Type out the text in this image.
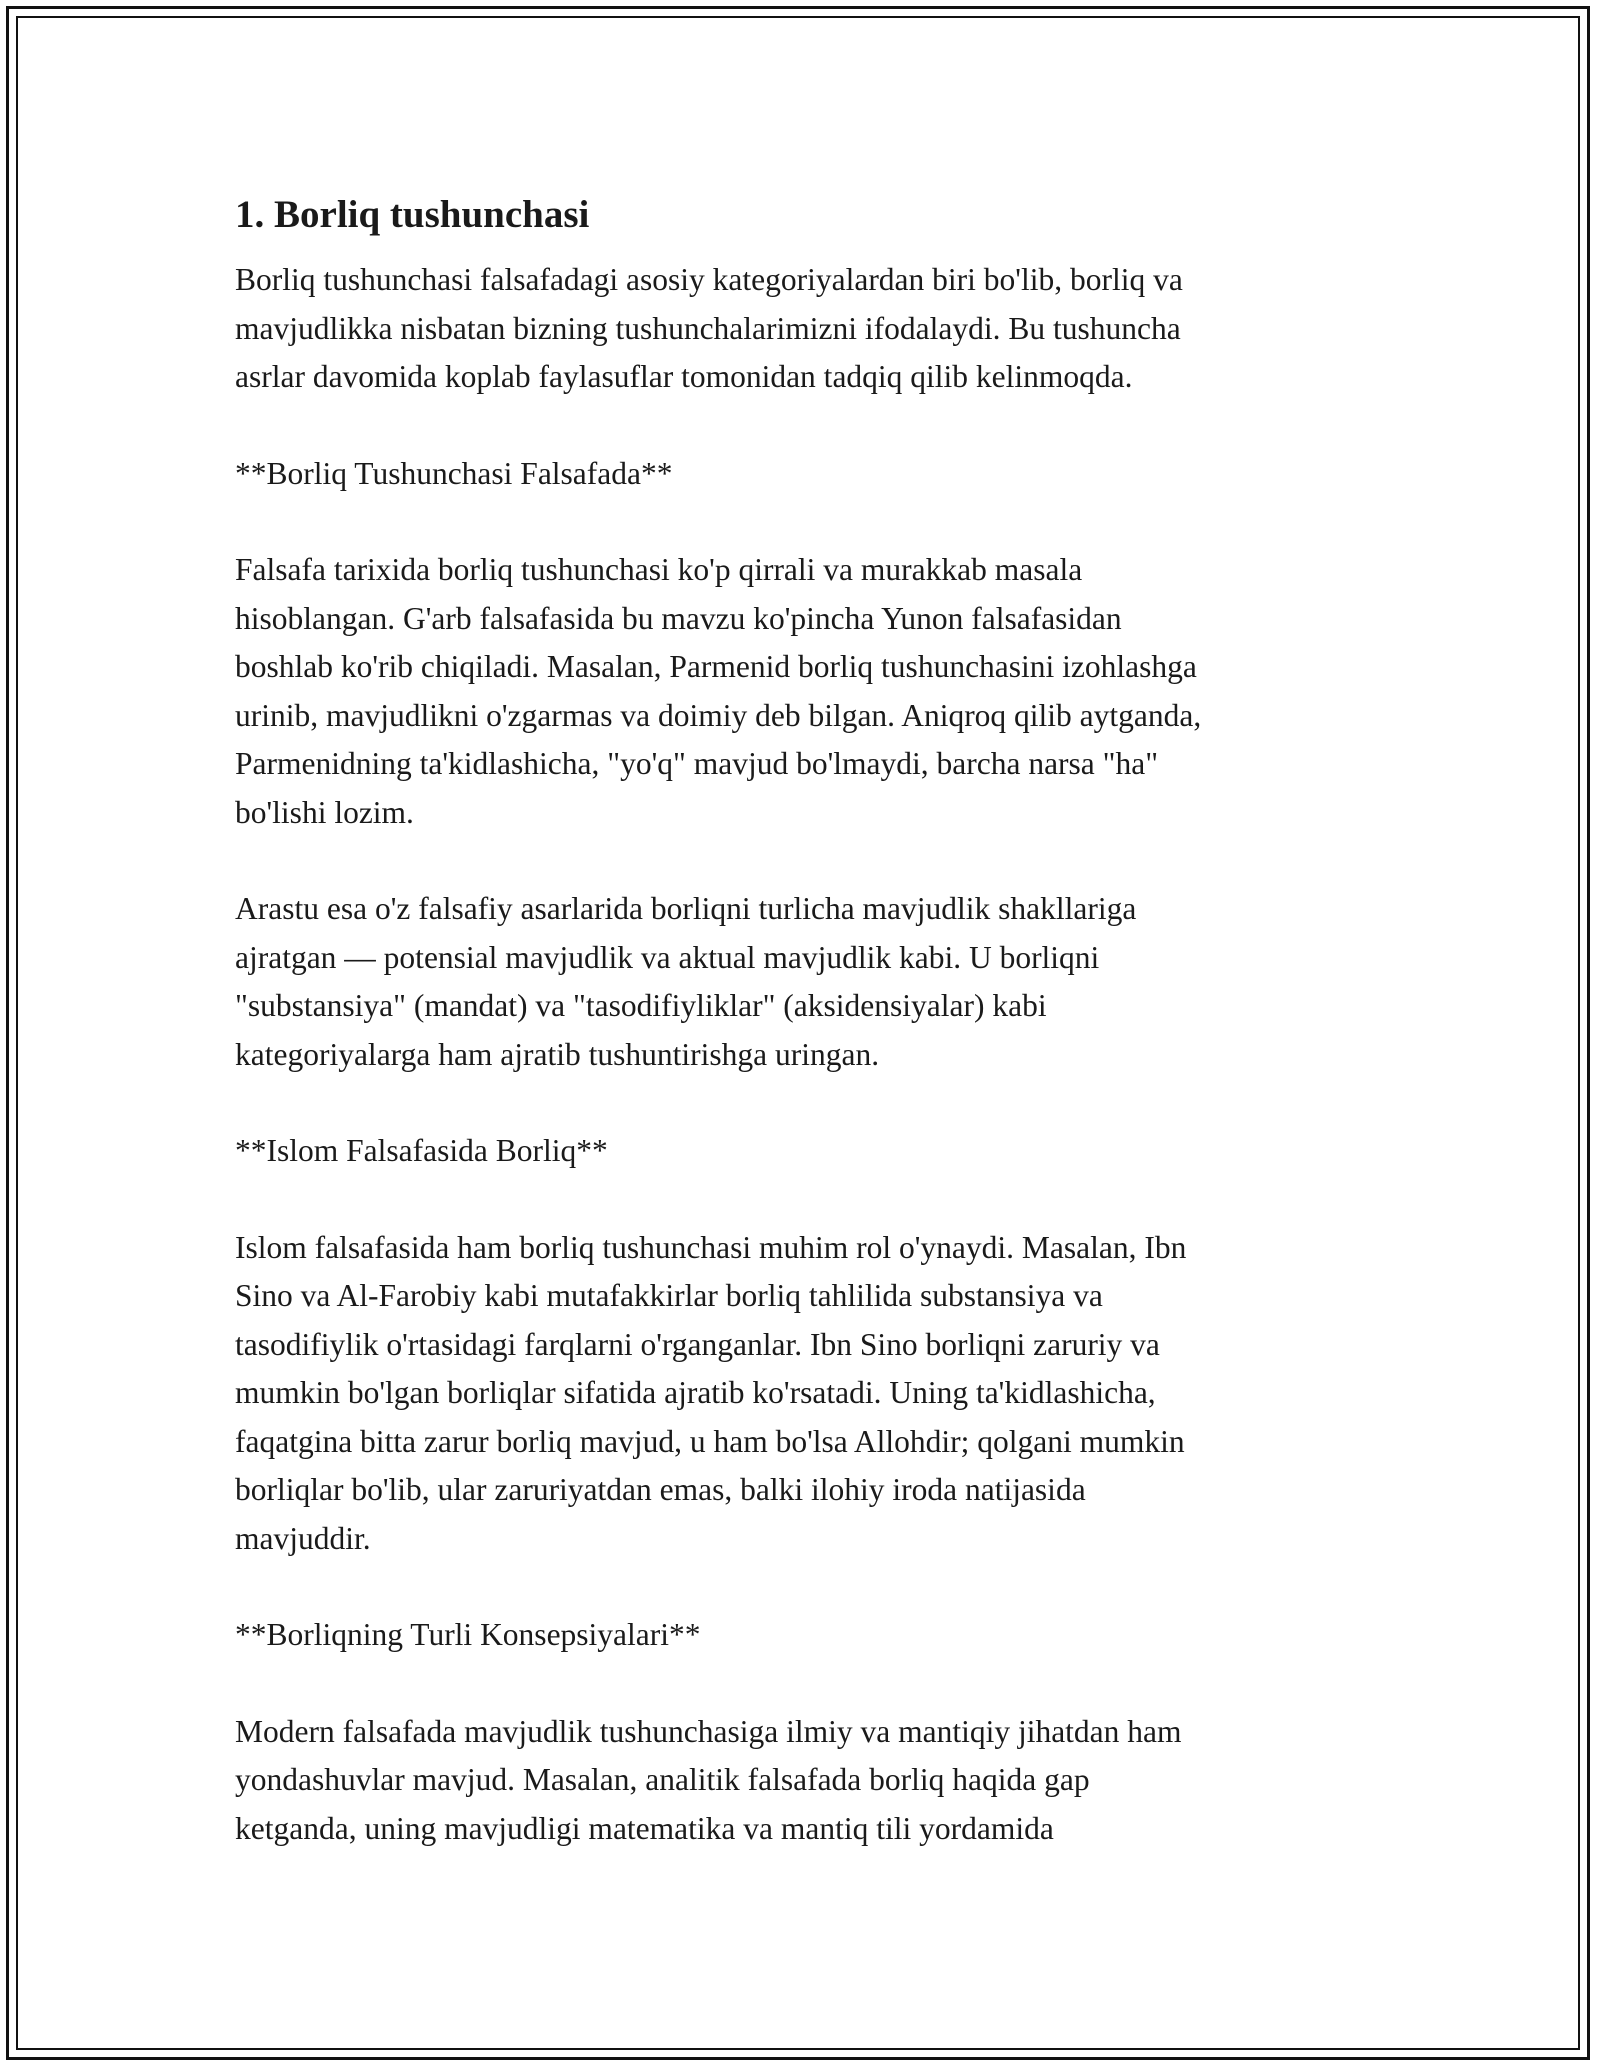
1. Borliq tushunchasi

Borliq tushunchasi falsafadagi asosiy kategoriyalardan biri bo'lib, borliq va
mavjudlikka nisbatan bizning tushunchalarimizni ifodalaydi. Bu tushuncha
asrlar davomida koplab faylasuflar tomonidan tadqiq qilib kelinmoqda.

**Borliq Tushunchasi Falsafada**

Falsafa tarixida borliq tushunchasi ko'p qirrali va murakkab masala
hisoblangan. G'arb falsafasida bu mavzu ko'pincha Yunon falsafasidan
boshlab ko'rib chiqiladi. Masalan, Parmenid borliq tushunchasini izohlashga
urinib, mavjudlikni o'zgarmas va doimiy deb bilgan. Aniqroq qilib aytganda,
Parmenidning ta'kidlashicha, "yo'q" mavjud bo'lmaydi, barcha narsa "ha"
bo'lishi lozim.

Arastu esa o'z falsafiy asarlarida borliqni turlicha mavjudlik shakllariga
ajratgan — potensial mavjudlik va aktual mavjudlik kabi. U borliqni
"substansiya" (mandat) va "tasodifiyliklar" (aksidensiyalar) kabi
kategoriyalarga ham ajratib tushuntirishga uringan.

**Islom Falsafasida Borliq**

Islom falsafasida ham borliq tushunchasi muhim rol o'ynaydi. Masalan, Ibn
Sino va Al-Farobiy kabi mutafakkirlar borliq tahlilida substansiya va
tasodifiylik o'rtasidagi farqlarni o'rganganlar. Ibn Sino borliqni zaruriy va
mumkin bo'lgan borliqlar sifatida ajratib ko'rsatadi. Uning ta'kidlashicha,
faqatgina bitta zarur borliq mavjud, u ham bo'lsa Allohdir; qolgani mumkin
borliqlar bo'lib, ular zaruriyatdan emas, balki ilohiy iroda natijasida
mavjuddir.

**Borliqning Turli Konsepsiyalari**

Modern falsafada mavjudlik tushunchasiga ilmiy va mantiqiy jihatdan ham
yondashuvlar mavjud. Masalan, analitik falsafada borliq haqida gap
ketganda, uning mavjudligi matematika va mantiq tili yordamida
